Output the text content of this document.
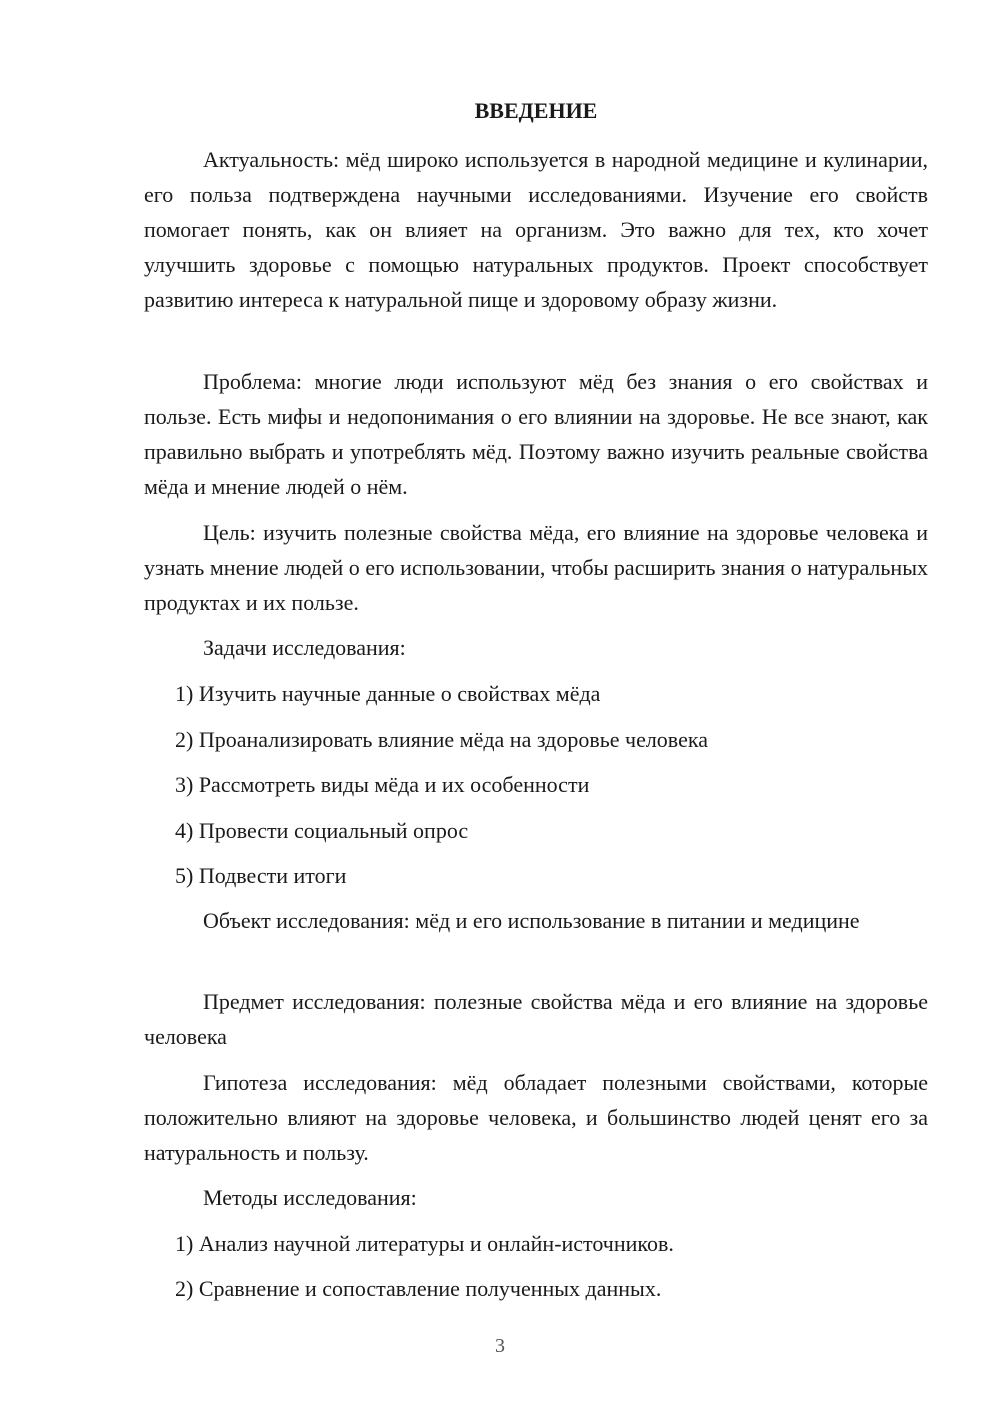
ВВЕДЕНИЕ

Актуальность: мёд широко используется в народной медицине и кулинарии, его польза подтверждена научными исследованиями. Изучение его свойств помогает понять, как он влияет на организм. Это важно для тех, кто хочет улучшить здоровье с помощью натуральных продуктов. Проект способствует развитию интереса к натуральной пище и здоровому образу жизни.

Проблема: многие люди используют мёд без знания о его свойствах и пользе. Есть мифы и недопонимания о его влиянии на здоровье. Не все знают, как правильно выбрать и употреблять мёд. Поэтому важно изучить реальные свойства мёда и мнение людей о нём.

Цель: изучить полезные свойства мёда, его влияние на здоровье человека и узнать мнение людей о его использовании, чтобы расширить знания о натуральных продуктах и их пользе.

Задачи исследования:

1) Изучить научные данные о свойствах мёда

2) Проанализировать влияние мёда на здоровье человека

3) Рассмотреть виды мёда и их особенности

4) Провести социальный опрос

5) Подвести итоги

Объект исследования: мёд и его использование в питании и медицине

Предмет исследования: полезные свойства мёда и его влияние на здоровье человека

Гипотеза исследования: мёд обладает полезными свойствами, которые положительно влияют на здоровье человека, и большинство людей ценят его за натуральность и пользу.

Методы исследования:

1) Анализ научной литературы и онлайн-источников.

2) Сравнение и сопоставление полученных данных.

3
